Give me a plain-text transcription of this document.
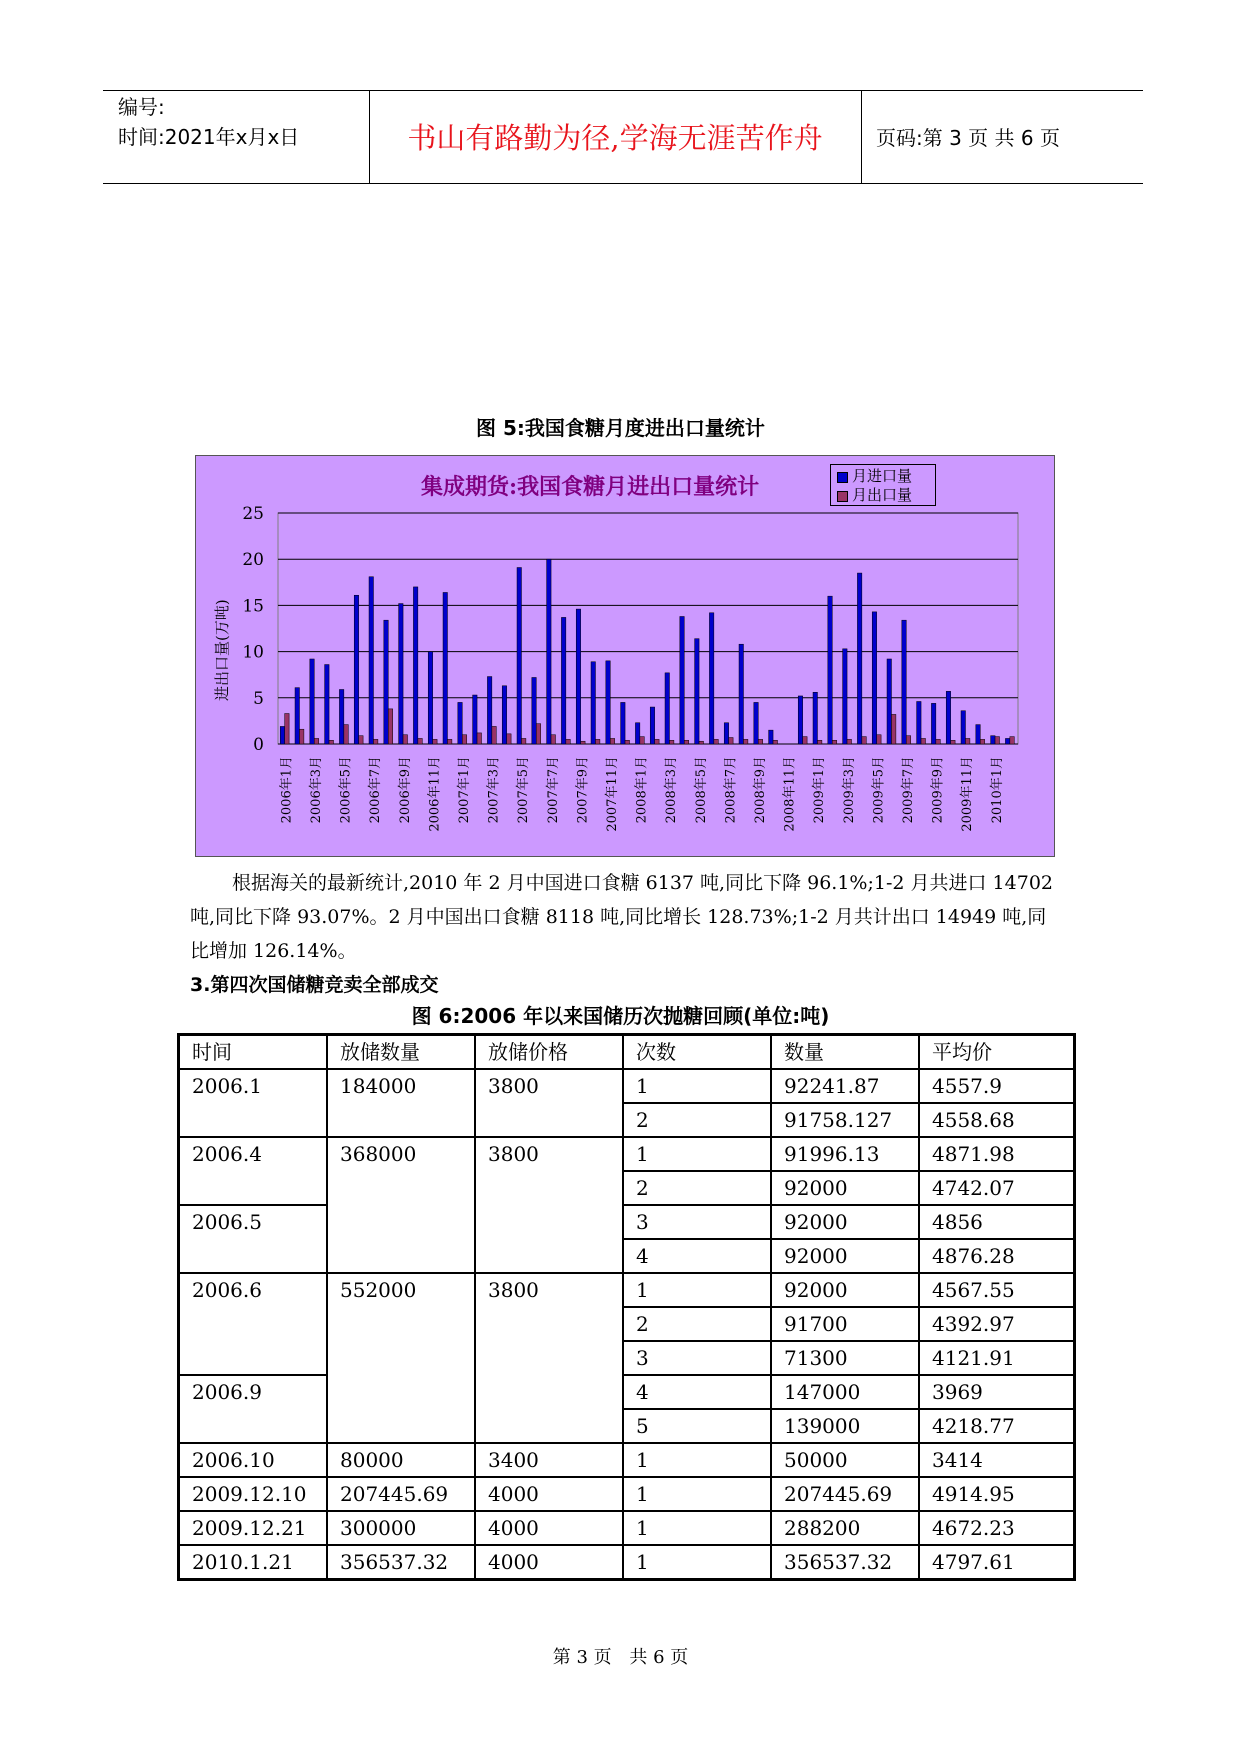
编号:
时间:2021年x月x日	书山有路勤为径,学海无涯苦作舟	页码:第 3 页 共 6 页
图 5:我国食糖月度进出口量统计
集成期货:我国食糖月进出口量统计	月进口量
月出口量
0
5
10
15
20
25
进出口量(万吨)
2006年1月 2006年3月 2006年5月 2006年7月 2006年9月 2006年11月 2007年1月 2007年3月 2007年5月 2007年7月 2007年9月 2007年11月 2008年1月 2008年3月 2008年5月 2008年7月 2008年9月 2008年11月 2009年1月 2009年3月 2009年5月 2009年7月 2009年9月 2009年11月 2010年1月

根据海关的最新统计,2010 年 2 月中国进口食糖 6137 吨,同比下降 96.1%;1-2 月共进口 14702 吨,同比下降 93.07%。2 月中国出口食糖 8118 吨,同比增长 128.73%;1-2 月共计出口 14949 吨,同比增加 126.14%。

3.第四次国储糖竞卖全部成交
图 6:2006 年以来国储历次抛糖回顾(单位:吨)
时间	放储数量	放储价格	次数	数量	平均价
2006.1	184000	3800	1	92241.87	4557.9
			2	91758.127	4558.68
2006.4	368000	3800	1	91996.13	4871.98
			2	92000	4742.07
2006.5			3	92000	4856
			4	92000	4876.28
2006.6	552000	3800	1	92000	4567.55
			2	91700	4392.97
			3	71300	4121.91
2006.9			4	147000	3969
			5	139000	4218.77
2006.10	80000	3400	1	50000	3414
2009.12.10	207445.69	4000	1	207445.69	4914.95
2009.12.21	300000	4000	1	288200	4672.23
2010.1.21	356537.32	4000	1	356537.32	4797.61
第 3 页 共 6 页
